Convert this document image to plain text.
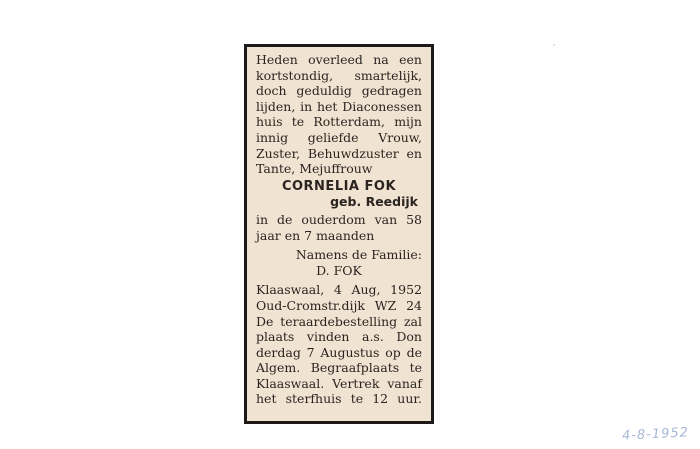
Heden overleed na een
kortstondig, smartelijk,
doch geduldig gedragen
lijden, in het Diaconessen
huis te Rotterdam, mijn
innig geliefde Vrouw,
Zuster, Behuwdzuster en
Tante, Mejuffrouw
CORNELIA FOK
geb. Reedijk
in de ouderdom van 58
jaar en 7 maanden
Namens de Familie:
D. FOK
Klaaswaal, 4 Aug, 1952
Oud-Cromstr.dijk WZ 24
De teraardebestelling zal
plaats vinden a.s. Don
derdag 7 Augustus op de
Algem. Begraafplaats te
Klaaswaal. Vertrek vanaf
het sterfhuis te 12 uur.
4-8-1952
